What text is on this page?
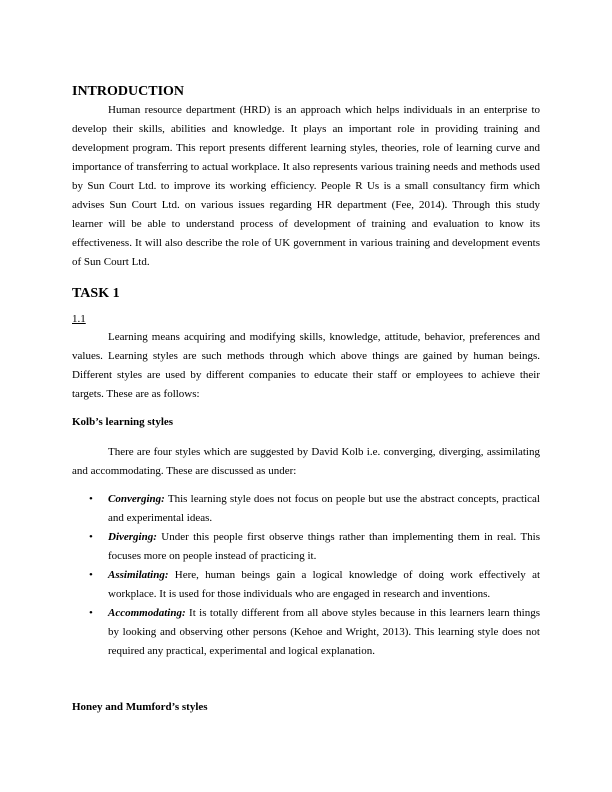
INTRODUCTION

Human resource department (HRD) is an approach which helps individuals in an enterprise to develop their skills, abilities and knowledge. It plays an important role in providing training and development program. This report presents different learning styles, theories, role of learning curve and importance of transferring to actual workplace. It also represents various training needs and methods used by Sun Court Ltd. to improve its working efficiency. People R Us is a small consultancy firm which advises Sun Court Ltd. on various issues regarding HR department (Fee, 2014). Through this study learner will be able to understand process of development of training and evaluation to know its effectiveness. It will also describe the role of UK government in various training and development events of Sun Court Ltd.

TASK 1
1.1

Learning means acquiring and modifying skills, knowledge, attitude, behavior, preferences and values. Learning styles are such methods through which above things are gained by human beings. Different styles are used by different companies to educate their staff or employees to achieve their targets. These are as follows:

Kolb’s learning styles

There are four styles which are suggested by David Kolb i.e. converging, diverging, assimilating and accommodating. These are discussed as under:

• Converging: This learning style does not focus on people but use the abstract concepts, practical and experimental ideas.
• Diverging: Under this people first observe things rather than implementing them in real. This focuses more on people instead of practicing it.
• Assimilating: Here, human beings gain a logical knowledge of doing work effectively at workplace. It is used for those individuals who are engaged in research and inventions.
• Accommodating: It is totally different from all above styles because in this learners learn things by looking and observing other persons (Kehoe and Wright, 2013). This learning style does not required any practical, experimental and logical explanation.
Honey and Mumford’s styles
